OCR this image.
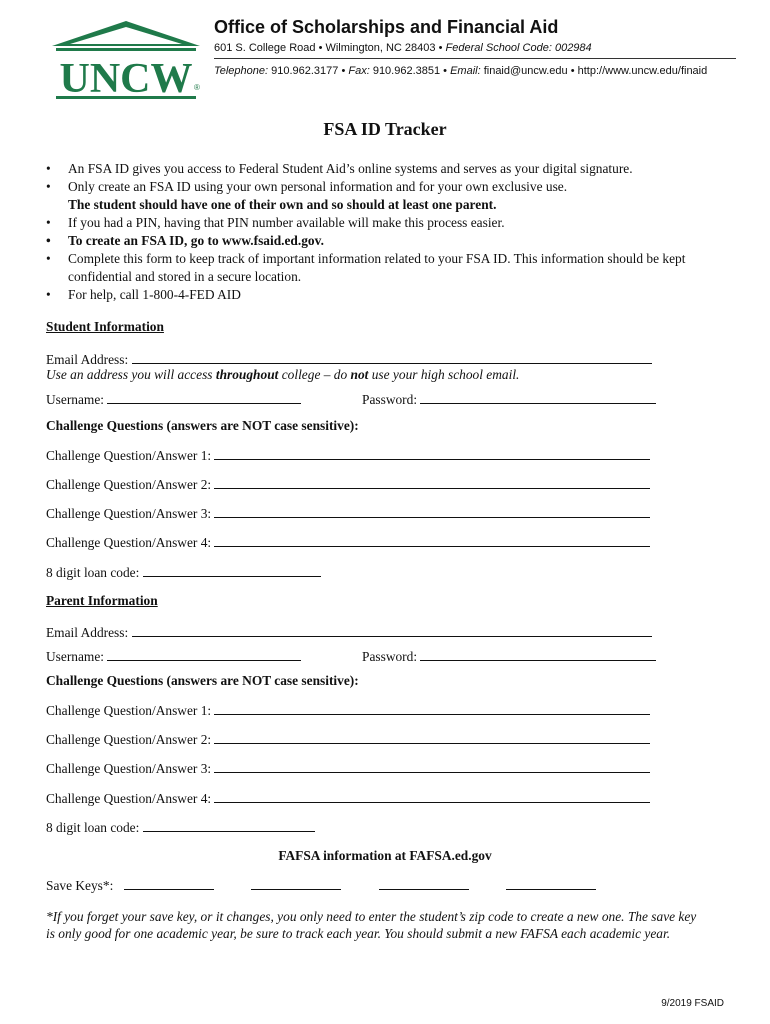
UNCW ®
Office of Scholarships and Financial Aid
601 S. College Road • Wilmington, NC 28403 • Federal School Code: 002984
Telephone: 910.962.3177 • Fax: 910.962.3851 • Email: finaid@uncw.edu • http://www.uncw.edu/finaid
FSA ID Tracker
• An FSA ID gives you access to Federal Student Aid’s online systems and serves as your digital signature.
• Only create an FSA ID using your own personal information and for your own exclusive use.
The student should have one of their own and so should at least one parent.
• If you had a PIN, having that PIN number available will make this process easier.
• To create an FSA ID, go to www.fsaid.ed.gov.
• Complete this form to keep track of important information related to your FSA ID. This information should be kept confidential and stored in a secure location.
• For help, call 1-800-4-FED AID
Student Information
Email Address:
Use an address you will access throughout college – do not use your high school email.
Username:	Password:
Challenge Questions (answers are NOT case sensitive):
Challenge Question/Answer 1:
Challenge Question/Answer 2:
Challenge Question/Answer 3:
Challenge Question/Answer 4:
8 digit loan code:
Parent Information
Email Address:
Username:	Password:
Challenge Questions (answers are NOT case sensitive):
Challenge Question/Answer 1:
Challenge Question/Answer 2:
Challenge Question/Answer 3:
Challenge Question/Answer 4:
8 digit loan code:
FAFSA information at FAFSA.ed.gov
Save Keys*:
*If you forget your save key, or it changes, you only need to enter the student’s zip code to create a new one. The save key is only good for one academic year, be sure to track each year. You should submit a new FAFSA each academic year.
9/2019 FSAID
